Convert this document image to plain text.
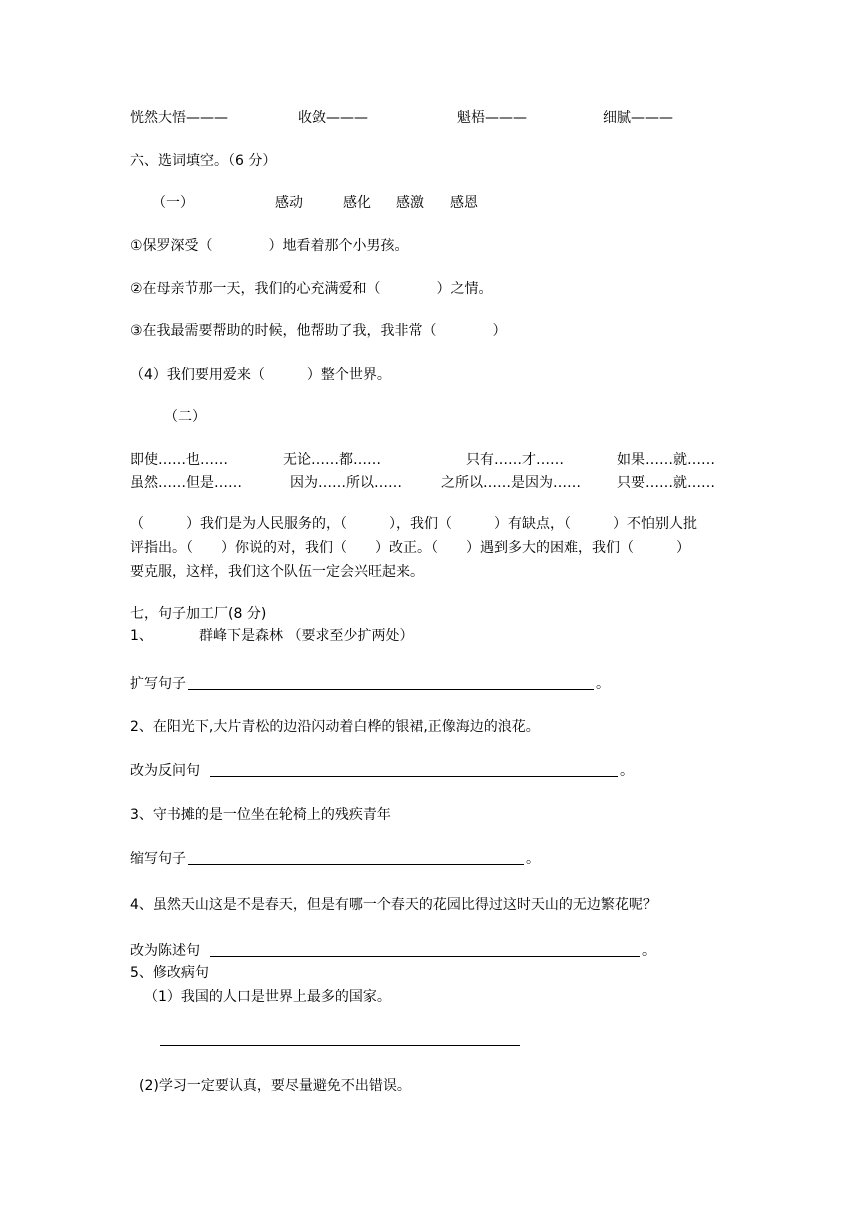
恍然大悟———	收敛———	魁梧———	细腻———
六、选词填空。（6 分）
（一）	感动	感化 感激 感恩
①保罗深受（　　　　）地看着那个小男孩。
②在母亲节那一天，我们的心充满爱和（　　　　）之情。
③在我最需要帮助的时候，他帮助了我，我非常（　　　　）
（4）我们要用爱来（　　　）整个世界。
（二）
即使……也……	无论……都……	只有……才……	如果……就……
虽然……但是……	因为……所以……	之所以……是因为……	只要……就……
（　　　）我们是为人民服务的，（　　　），我们（　　　）有缺点，（　　　）不怕别人批
评指出。（　　）你说的对，我们（　　）改正。（　　）遇到多大的困难，我们（　　　）
要克服，这样，我们这个队伍一定会兴旺起来。
七，句子加工厂(8 分)
1、	群峰下是森林 （要求至少扩两处）
扩写句子	。
2、在阳光下,大片青松的边沿闪动着白桦的银裙,正像海边的浪花。
改为反问句	。
3、守书摊的是一位坐在轮椅上的残疾青年
缩写句子	。
4、虽然天山这是不是春天，但是有哪一个春天的花园比得过这时天山的无边繁花呢？
改为陈述句	。
5、修改病句
（1）我国的人口是世界上最多的国家。
(2)学习一定要认真，要尽量避免不出错误。
